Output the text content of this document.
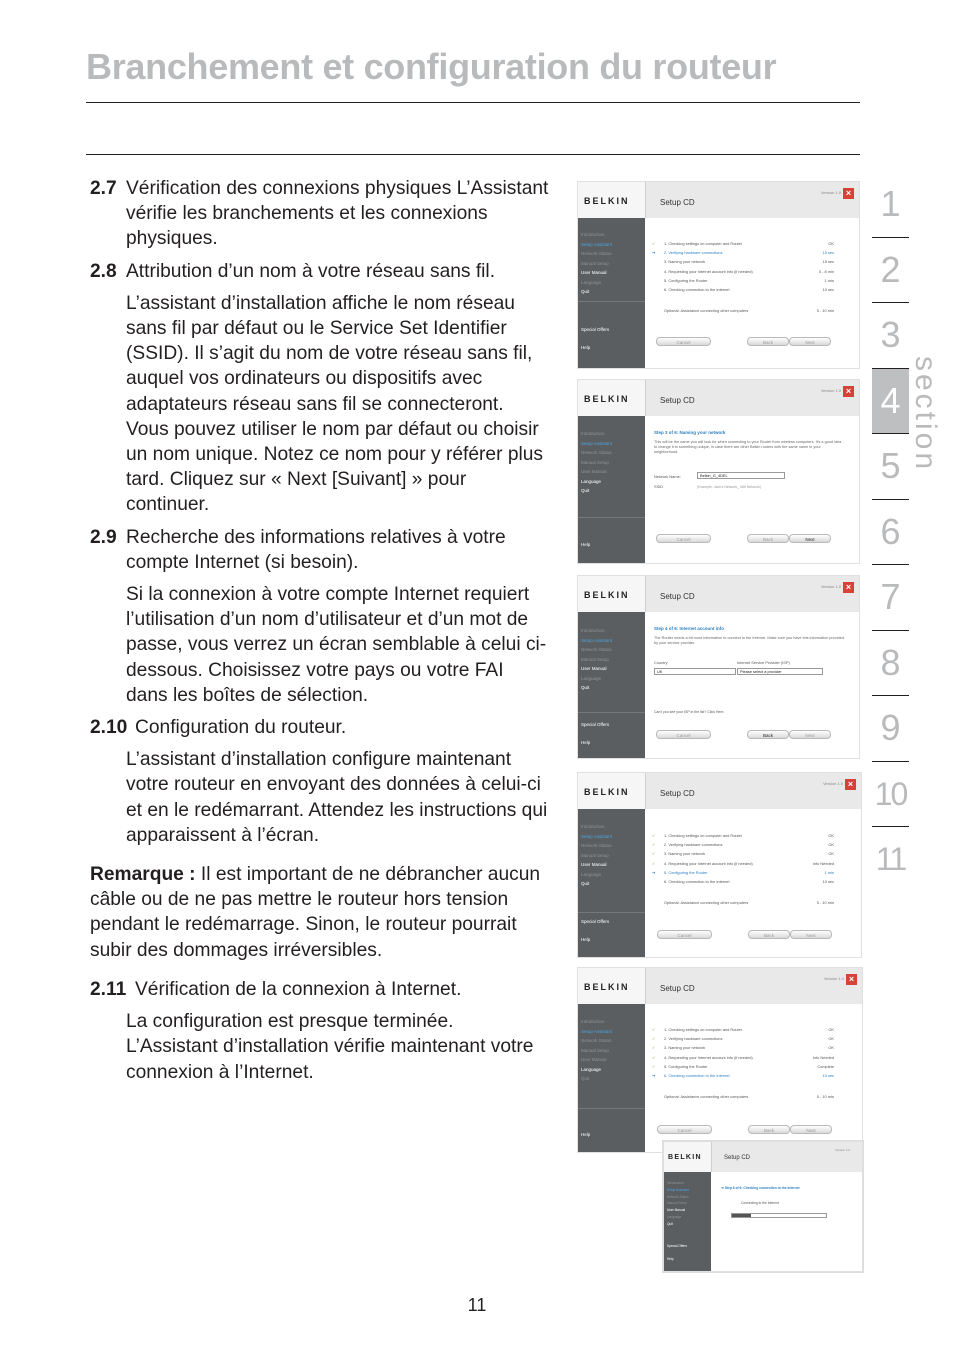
Branchement et configuration du routeur
2.7 Vérification des connexions physiques L’Assistant vérifie les branchements et les connexions physiques.
2.8 Attribution d’un nom à votre réseau sans fil.
L’assistant d’installation affiche le nom réseau sans fil par défaut ou le Service Set Identifier (SSID). Il s’agit du nom de votre réseau sans fil, auquel vos ordinateurs ou dispositifs avec adaptateurs réseau sans fil se connecteront. Vous pouvez utiliser le nom par défaut ou choisir un nom unique. Notez ce nom pour y référer plus tard. Cliquez sur « Next [Suivant] » pour continuer.
2.9 Recherche des informations relatives à votre compte Internet (si besoin).
Si la connexion à votre compte Internet requiert l’utilisation d’un nom d’utilisateur et d’un mot de passe, vous verrez un écran semblable à celui ci-dessous. Choisissez votre pays ou votre FAI dans les boîtes de sélection.
2.10 Configuration du routeur.
L’assistant d’installation configure maintenant votre routeur en envoyant des données à celui-ci et en le redémarrant. Attendez les instructions qui apparaissent à l’écran.
Remarque : Il est important de ne débrancher aucun câble ou de ne pas mettre le routeur hors tension pendant le redémarrage. Sinon, le routeur pourrait subir des dommages irréversibles.
2.11 Vérification de la connexion à Internet.
La configuration est presque terminée. L’Assistant d’installation vérifie maintenant votre connexion à l’Internet.
1
2
3
4
5
6
7
8
9
10
11
section
BELKIN	Setup CD
Version 1.0 ×
Introduction
Setup Assistant
Network Status
Manual Setup
User Manual
Language
Quit
Special Offers
Help
✓	1. Checking settings on computer and Router	OK
➔	2. Verifying hardware connections	15 sec
3. Naming your network	15 sec
4. Requesting your Internet account info (if needed)	0 - 8 min
5. Configuring the Router	1 min
6. Checking connection to the Internet	10 sec
Optional: Assistance connecting other computers	5 - 10 min
Cancel	Back	Next
BELKIN	Setup CD
Version 1.0 ×
Introduction
Setup Assistant
Network Status
Manual Setup
User Manual
Language
Quit
Help
Step 3 of 6: Naming your network
This will be the name you will look for when connecting to your Router from wireless computers. It's a good idea to change it to something unique, in case there are other Belkin routers with the same name in your neighborhood.
Network Name:	Belkin_G_4DEL
SSID	(Example: Jack's Network_ Wifi Network)
Cancel	Back	Next
BELKIN	Setup CD
Version 1.0 ×
Introduction
Setup Assistant
Network Status
Manual Setup
User Manual
Language
Quit
Special Offers
Help
Step 4 of 6: Internet account info
The Router needs a bit more information to connect to the Internet. Make sure you have this information provided by your service provider.
Country
UK
Internet Service Provider (ISP)
Please select a provider
Can't you see your ISP in the list? Click Here.
Cancel	Back	Next
BELKIN	Setup CD
Version 1.0 ×
Introduction
Setup Assistant
Network Status
Manual Setup
User Manual
Language
Quit
Special Offers
Help
✓	1. Checking settings on computer and Router	OK
✓	2. Verifying hardware connections	OK
✓	3. Naming your network	OK
✓	4. Requesting your Internet account info (if needed)	Info Needed
➔	5. Configuring the Router	1 min
6. Checking connection to the Internet	10 sec
Optional: Assistance connecting other computers	5 - 10 min
Cancel	Back	Next
BELKIN	Setup CD
Version 1.0 ×
Introduction
Setup Assistant
Network Status
Manual Setup
User Manual
Language
Quit
Help
✓	1. Checking settings on computer and Router	OK
✓	2. Verifying hardware connections	OK
✓	3. Naming your network	OK
✓	4. Requesting your Internet account info (if needed)	Info Needed
✓	5. Configuring the Router	Complete
➔	6. Checking connection to the Internet	10 sec
Optional: Assistance connecting other computers	5 - 10 min
Cancel	Back	Next
BELKIN	Setup CD
Version 1.0
Introduction
Setup Assistant
Network Status
Manual Setup
User Manual
Language
Quit
Special Offers
Help
➔ Step 6 of 6: Checking connection to the Internet
Connecting to the Internet
11
